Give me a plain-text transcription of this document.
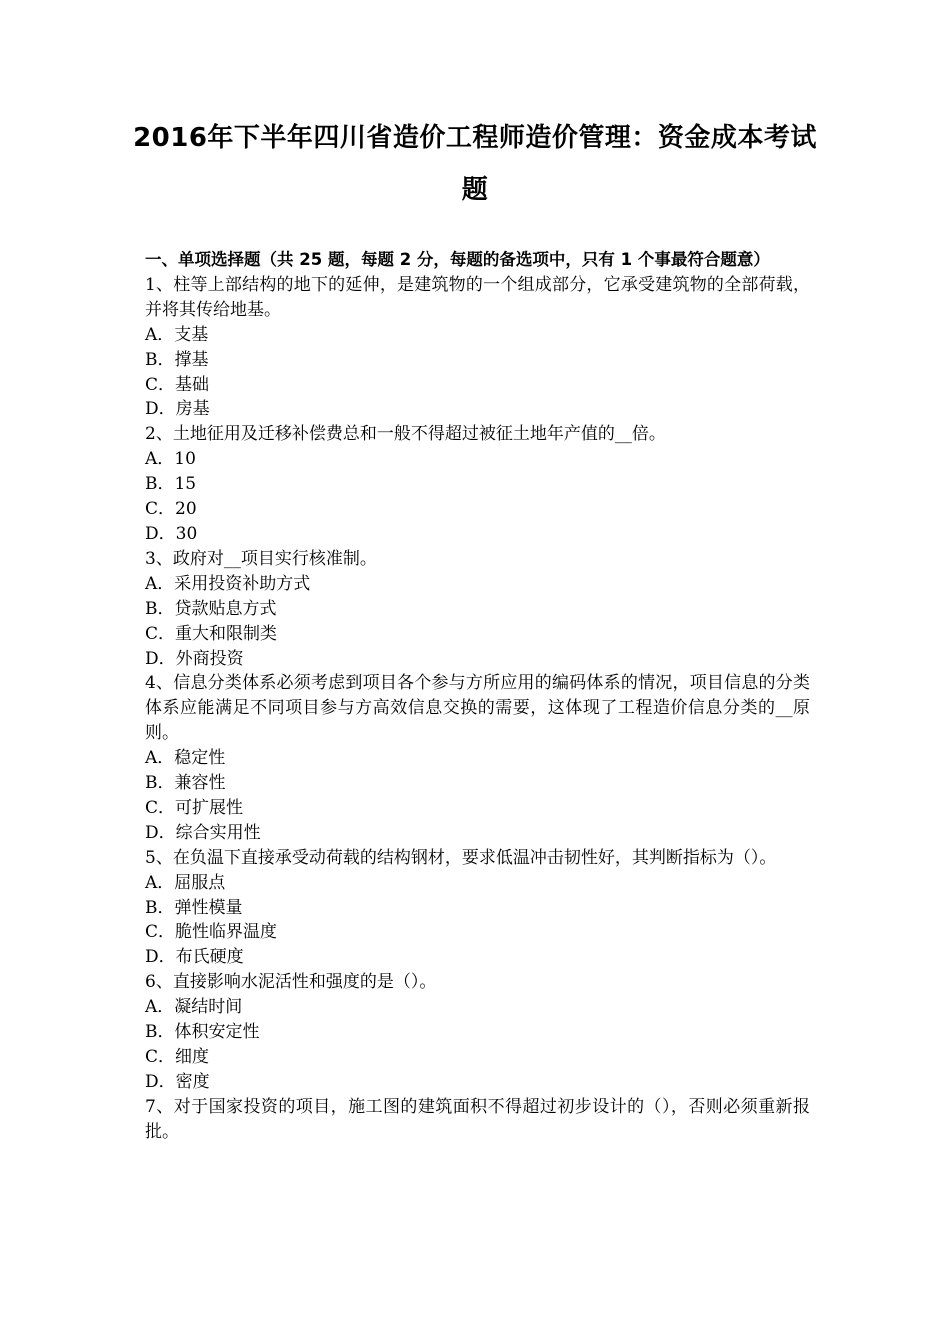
2016年下半年四川省造价工程师造价管理：资金成本考试题
一、单项选择题（共 25 题，每题 2 分，每题的备选项中，只有 1 个事最符合题意）
1、柱等上部结构的地下的延伸，是建筑物的一个组成部分，它承受建筑物的全部荷载，并将其传给地基。
A．支基
B．撑基
C．基础
D．房基
2、土地征用及迁移补偿费总和一般不得超过被征土地年产值的__倍。
A．10
B．15
C．20
D．30
3、政府对__项目实行核准制。
A．采用投资补助方式
B．贷款贴息方式
C．重大和限制类
D．外商投资
4、信息分类体系必须考虑到项目各个参与方所应用的编码体系的情况，项目信息的分类体系应能满足不同项目参与方高效信息交换的需要，这体现了工程造价信息分类的__原则。
A．稳定性
B．兼容性
C．可扩展性
D．综合实用性
5、在负温下直接承受动荷载的结构钢材，要求低温冲击韧性好，其判断指标为（）。
A．屈服点
B．弹性模量
C．脆性临界温度
D．布氏硬度
6、直接影响水泥活性和强度的是（）。
A．凝结时间
B．体积安定性
C．细度
D．密度
7、对于国家投资的项目，施工图的建筑面积不得超过初步设计的（），否则必须重新报批。
